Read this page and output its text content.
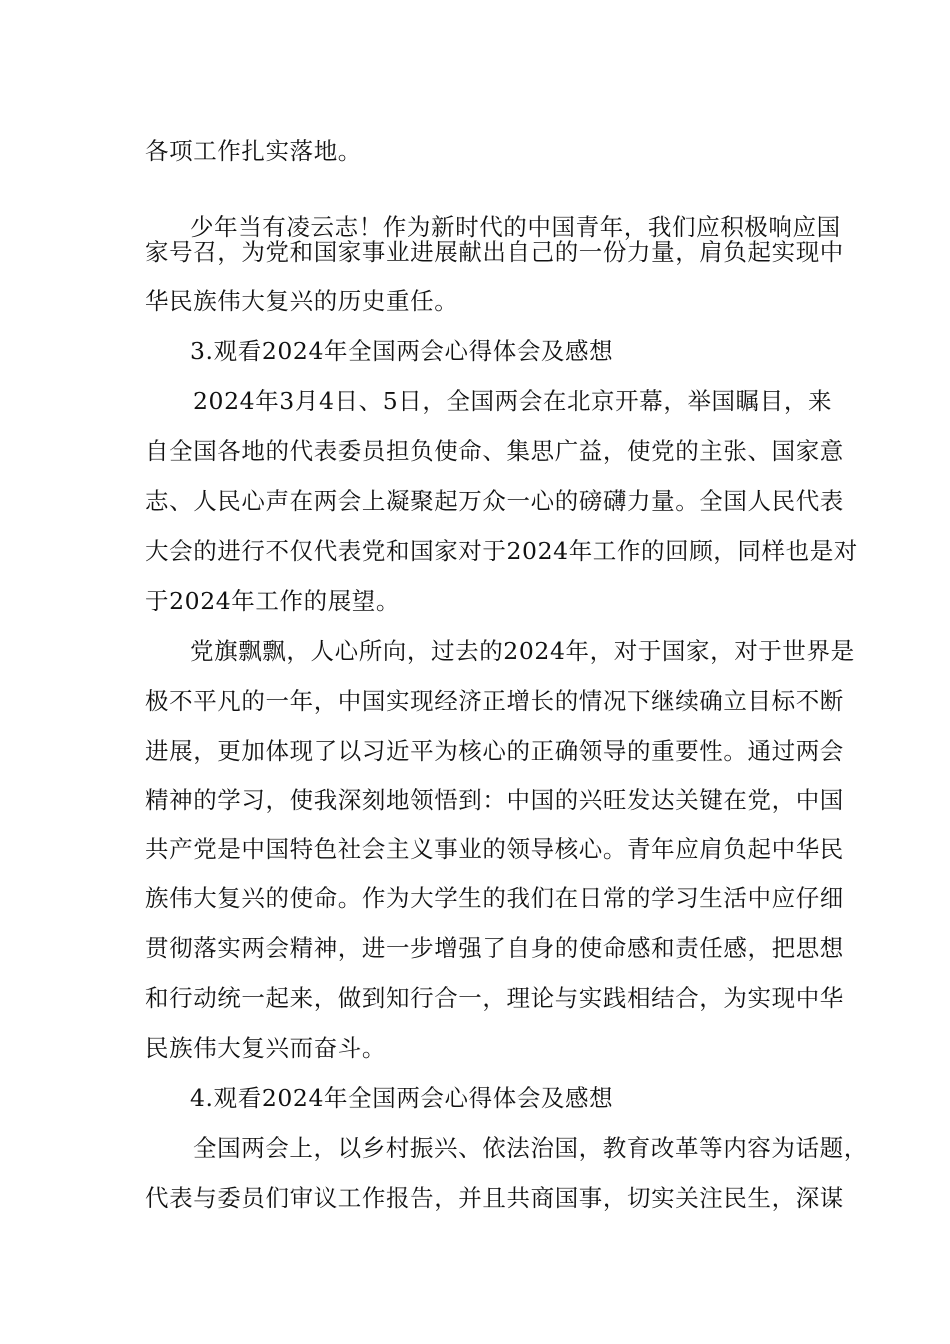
各项工作扎实落地。
少年当有凌云志！作为新时代的中国青年，我们应积极响应国
家号召，为党和国家事业进展献出自己的一份力量，肩负起实现中
华民族伟大复兴的历史重任。
3.观看2024年全国两会心得体会及感想
2024年3月4日、5日，全国两会在北京开幕，举国瞩目，来
自全国各地的代表委员担负使命、集思广益，使党的主张、国家意
志、人民心声在两会上凝聚起万众一心的磅礴力量。全国人民代表
大会的进行不仅代表党和国家对于2024年工作的回顾，同样也是对
于2024年工作的展望。
党旗飘飘，人心所向，过去的2024年，对于国家，对于世界是
极不平凡的一年，中国实现经济正增长的情况下继续确立目标不断
进展，更加体现了以习近平为核心的正确领导的重要性。通过两会
精神的学习，使我深刻地领悟到：中国的兴旺发达关键在党，中国
共产党是中国特色社会主义事业的领导核心。青年应肩负起中华民
族伟大复兴的使命。作为大学生的我们在日常的学习生活中应仔细
贯彻落实两会精神，进一步增强了自身的使命感和责任感，把思想
和行动统一起来，做到知行合一，理论与实践相结合，为实现中华
民族伟大复兴而奋斗。
4.观看2024年全国两会心得体会及感想
全国两会上，以乡村振兴、依法治国，教育改革等内容为话题，
代表与委员们审议工作报告，并且共商国事，切实关注民生，深谋
